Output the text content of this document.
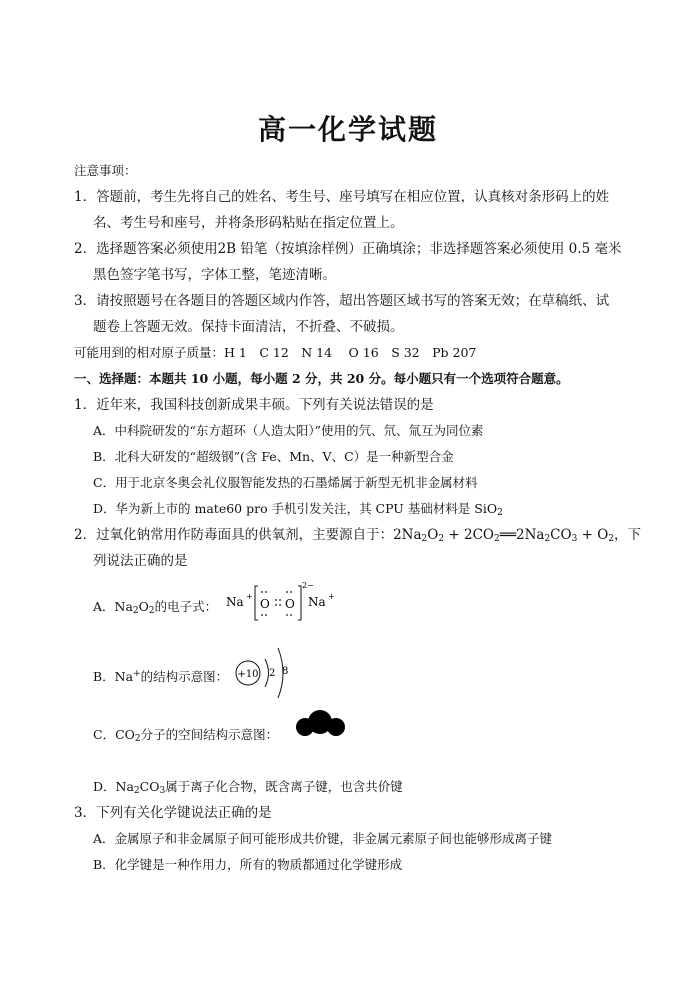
高一化学试题
注意事项：
1．答题前，考生先将自己的姓名、考生号、座号填写在相应位置，认真核对条形码上的姓
名、考生号和座号，并将条形码粘贴在指定位置上。
2．选择题答案必须使用2B 铅笔（按填涂样例）正确填涂；非选择题答案必须使用 0.5 毫米
黑色签字笔书写，字体工整，笔迹清晰。
3．请按照题号在各题目的答题区域内作答，超出答题区域书写的答案无效；在草稿纸、试
题卷上答题无效。保持卡面清洁，不折叠、不破损。
可能用到的相对原子质量：H 1　C 12　N 14　 O 16　S 32　Pb 207
一、选择题：本题共 10 小题，每小题 2 分，共 20 分。每小题只有一个选项符合题意。
1．近年来，我国科技创新成果丰硕。下列有关说法错误的是
A．中科院研发的“东方超环（人造太阳）”使用的氕、氘、氚互为同位素
B．北科大研发的“超级钢”(含 Fe、Mn、V、C）是一种新型合金
C．用于北京冬奥会礼仪服智能发热的石墨烯属于新型无机非金属材料
D．华为新上市的 mate60 pro 手机引发关注，其 CPU 基础材料是 SiO$_2$
2．过氧化钠常用作防毒面具的供氧剂，主要源自于：$2Na_2O_2$ + $2CO_2══2Na_2CO_3 + O_2$，下
列说法正确的是
A．$Na_2O_2$的电子式： Na +
O O
2−
Na +
B．Na+的结构示意图： +10 2 8
C．$CO_2$分子的空间结构示意图：
D．$Na_2CO_3$属于离子化合物，既含离子键，也含共价键
3．下列有关化学键说法正确的是
A．金属原子和非金属原子间可能形成共价键，非金属元素原子间也能够形成离子键
B．化学键是一种作用力，所有的物质都通过化学键形成
